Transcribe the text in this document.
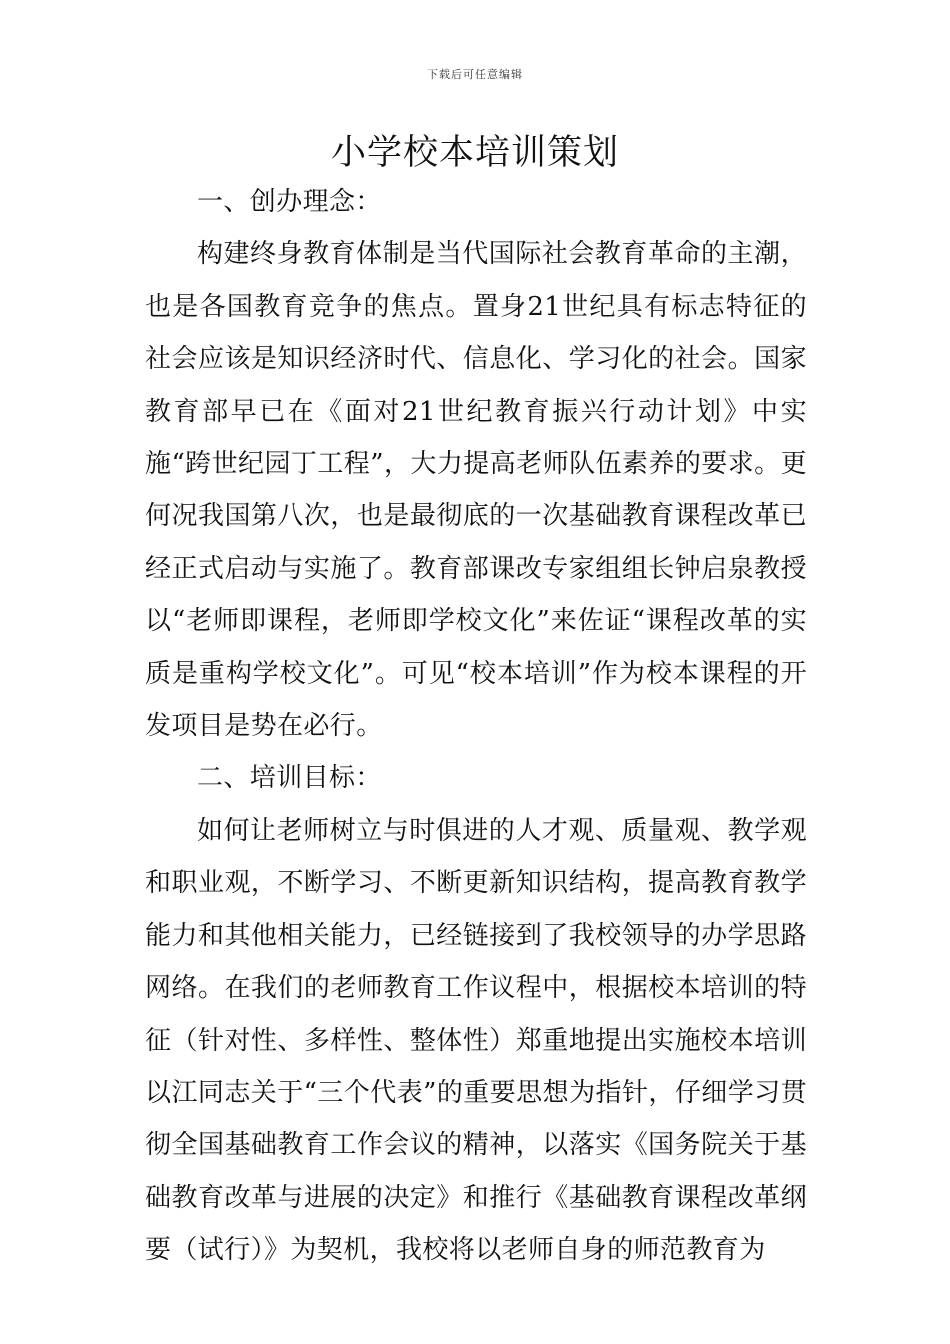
下载后可任意编辑
小学校本培训策划
一、创办理念：

构建终身教育体制是当代国际社会教育革命的主潮，也是各国教育竞争的焦点。置身21世纪具有标志特征的社会应该是知识经济时代、信息化、学习化的社会。国家教育部早已在《面对21世纪教育振兴行动计划》中实施“跨世纪园丁工程”，大力提高老师队伍素养的要求。更何况我国第八次，也是最彻底的一次基础教育课程改革已经正式启动与实施了。教育部课改专家组组长钟启泉教授以“老师即课程，老师即学校文化”来佐证“课程改革的实质是重构学校文化”。可见“校本培训”作为校本课程的开发项目是势在必行。

二、培训目标：

如何让老师树立与时俱进的人才观、质量观、教学观和职业观，不断学习、不断更新知识结构，提高教育教学能力和其他相关能力，已经链接到了我校领导的办学思路网络。在我们的老师教育工作议程中，根据校本培训的特征（针对性、多样性、整体性）郑重地提出实施校本培训以江同志关于“三个代表”的重要思想为指针，仔细学习贯彻全国基础教育工作会议的精神，以落实《国务院关于基础教育改革与进展的决定》和推行《基础教育课程改革纲要（试行）》为契机，我校将以老师自身的师范教育为
